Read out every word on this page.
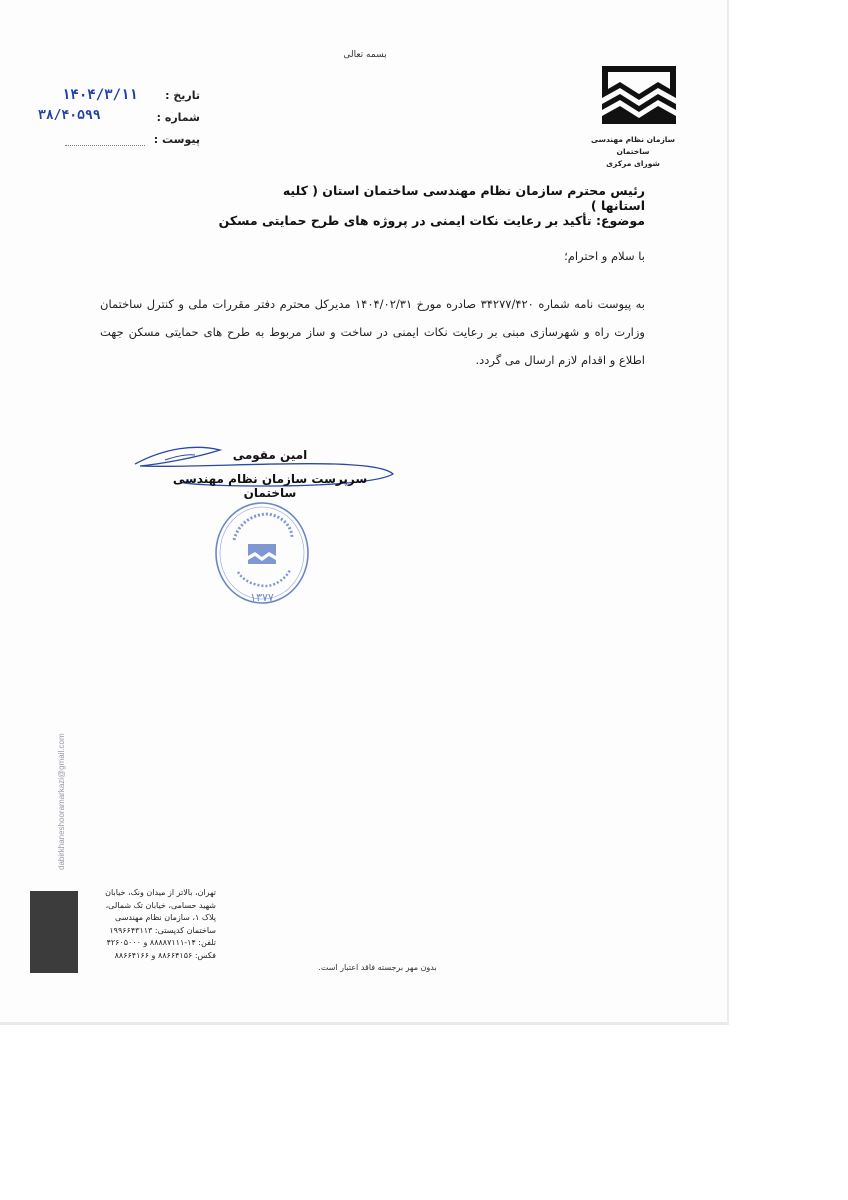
بسمه تعالی
سازمان نظام مهندسی ساختمان
شورای مرکزی
تاریخ :
۱۴۰۴/۳/۱۱
شماره :
۳۸/۴۰۵۹۹
پیوست :
رئیس محترم سازمان نظام مهندسی ساختمان استان ( کلیه استانها )
موضوع: تأکید بر رعایت نکات ایمنی در پروژه های طرح حمایتی مسکن
با سلام و احترام؛
به پیوست نامه شماره ۳۴۲۷۷/۴۲۰ صادره مورخ ۱۴۰۴/۰۲/۳۱ مدیرکل محترم دفتر مقررات ملی و کنترل ساختمان وزارت راه و شهرسازی مبنی بر رعایت نکات ایمنی در ساخت و ساز مربوط به طرح های حمایتی مسکن جهت اطلاع و اقدام لازم ارسال می گردد.
امین مقومی
سرپرست سازمان نظام مهندسی ساختمان
۱۳۷۷
dabirkhaneshooramarkazi@gmail.com
تهران، بالاتر از میدان ونک، خیابان
شهید حسامی، خیابان تک شمالی،
پلاک ۱، سازمان نظام مهندسی
ساختمان کدپستی: ۱۹۹۶۶۴۳۱۱۳
تلفن: ۱۴-۸۸۸۸۷۱۱۱ و ۴۲۶۰۵۰۰۰
فکس: ۸۸۶۶۴۱۵۶ و ۸۸۶۶۴۱۶۶
بدون مهر برجسته فاقد اعتبار است.
